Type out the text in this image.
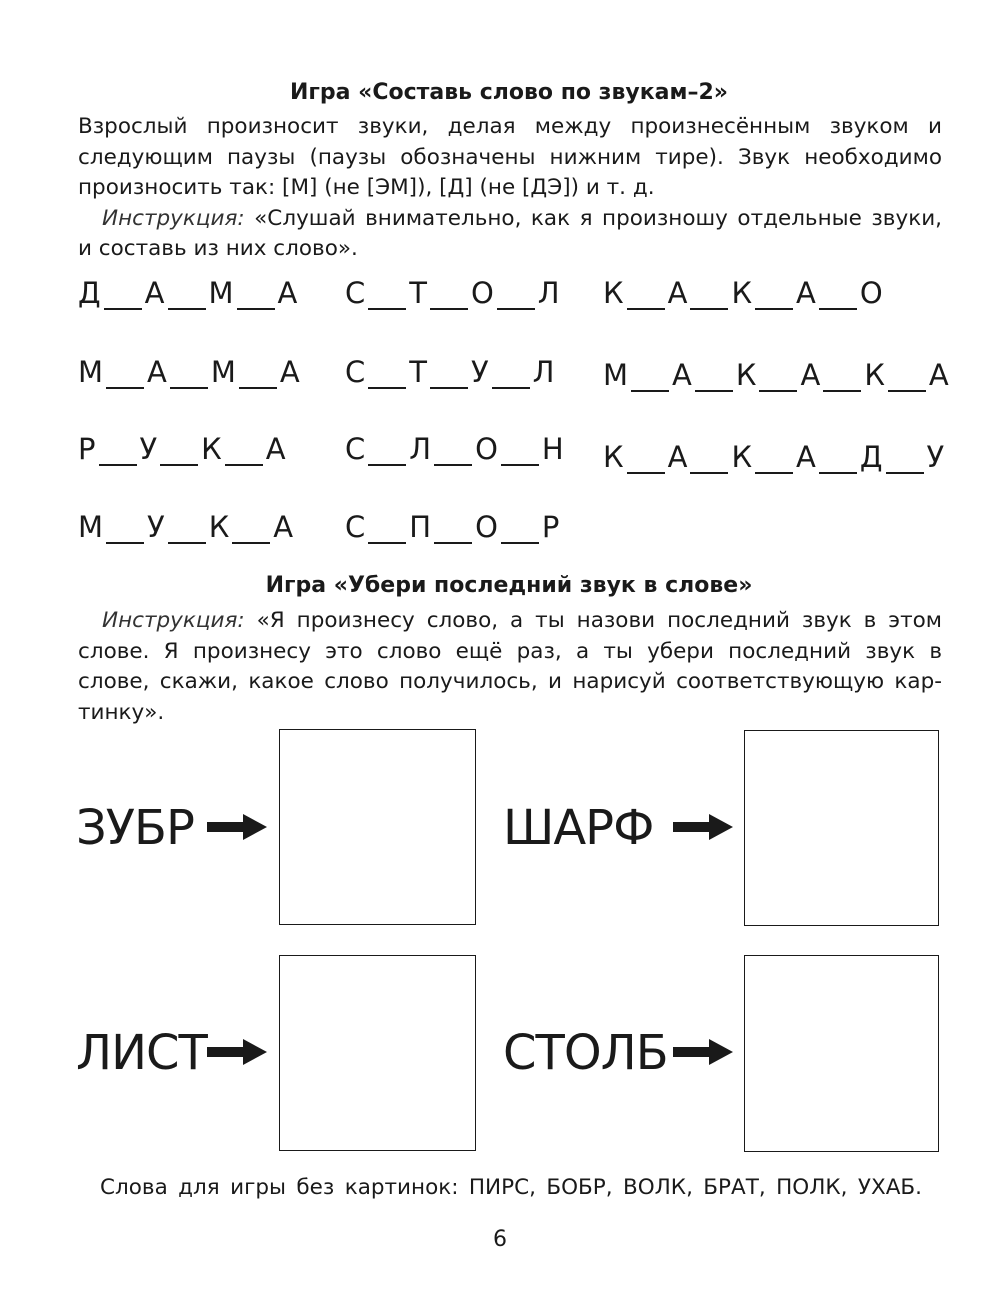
Игра «Составь слово по звукам–2»
Взрослый произносит звуки, делая между произнесённым звуком и
следующим паузы (паузы обозначены нижним тире). Звук необходимо
произносить так: [М] (не [ЭМ]), [Д] (не [ДЭ]) и т. д.
Инструкция: «Слушай внимательно, как я произношу отдельные звуки,
и составь из них слово».
Д А М А С Т О Л К А К А О
М А М А С Т У Л М А К А К А
Р У К А С Л О Н К А К А Д У
М У К А С П О Р
Игра «Убери последний звук в слове»
Инструкция: «Я произнесу слово, а ты назови последний звук в этом
слове. Я произнесу это слово ещё раз, а ты убери последний звук в
слове, скажи, какое слово получилось, и нарисуй соответствующую кар-
тинку».
ЗУБР	ШАРФ
ЛИСТ	СТОЛБ
Слова для игры без картинок: ПИРС, БОБР, ВОЛК, БРАТ, ПОЛК, УХАБ.
6
